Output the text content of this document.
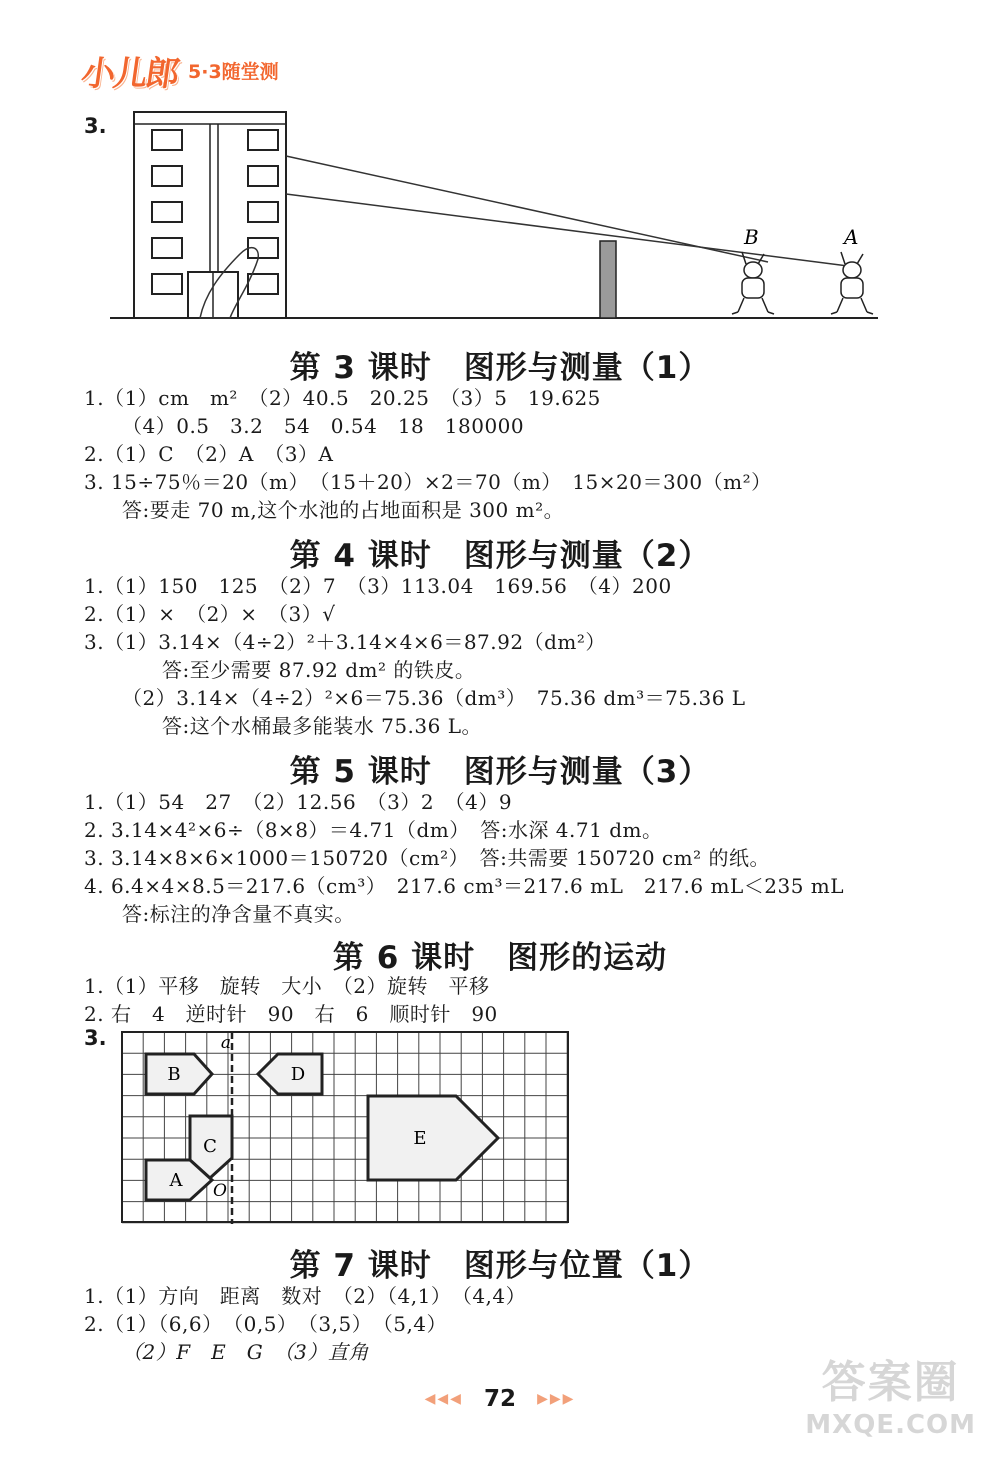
小儿郎 5·3随堂测
3.
B	A
第 3 课时　图形与测量（1）
1.（1）cm　m²　（2）40.5　20.25　（3）5　19.625
（4）0.5　3.2　54　0.54　18　180000
2.（1）C　（2）A　（3）A
3. 15÷75％＝20（m）　（15＋20）×2＝70（m）　15×20＝300（m²）
答:要走 70 m,这个水池的占地面积是 300 m²。
第 4 课时　图形与测量（2）
1.（1）150　125　（2）7　（3）113.04　169.56　（4）200
2.（1）×　（2）×　（3）√
3.（1）3.14×（4÷2）²＋3.14×4×6＝87.92（dm²）
答:至少需要 87.92 dm² 的铁皮。
（2）3.14×（4÷2）²×6＝75.36（dm³）　75.36 dm³＝75.36 L
答:这个水桶最多能装水 75.36 L。
第 5 课时　图形与测量（3）
1.（1）54　27　（2）12.56　（3）2　（4）9
2. 3.14×4²×6÷（8×8）＝4.71（dm）　答:水深 4.71 dm。
3. 3.14×8×6×1000＝150720（cm²）　答:共需要 150720 cm² 的纸。
4. 6.4×4×8.5＝217.6（cm³）　217.6 cm³＝217.6 mL　217.6 mL＜235 mL
答:标注的净含量不真实。
第 6 课时　图形的运动
1.（1）平移　旋转　大小　（2）旋转　平移
2. 右　4　逆时针　90　右　6　顺时针　90
3.
B	D
C
A
E
a
O
第 7 课时　图形与位置（1）
1.（1）方向　距离　数对　（2）（4,1）　（4,4）
2.（1）（6,6）　（0,5）　（3,5）　（5,4）
（2）F　E　G　（3）直角
◀◀◀ 72 ▶▶▶	答案圈
MXQE.COM
